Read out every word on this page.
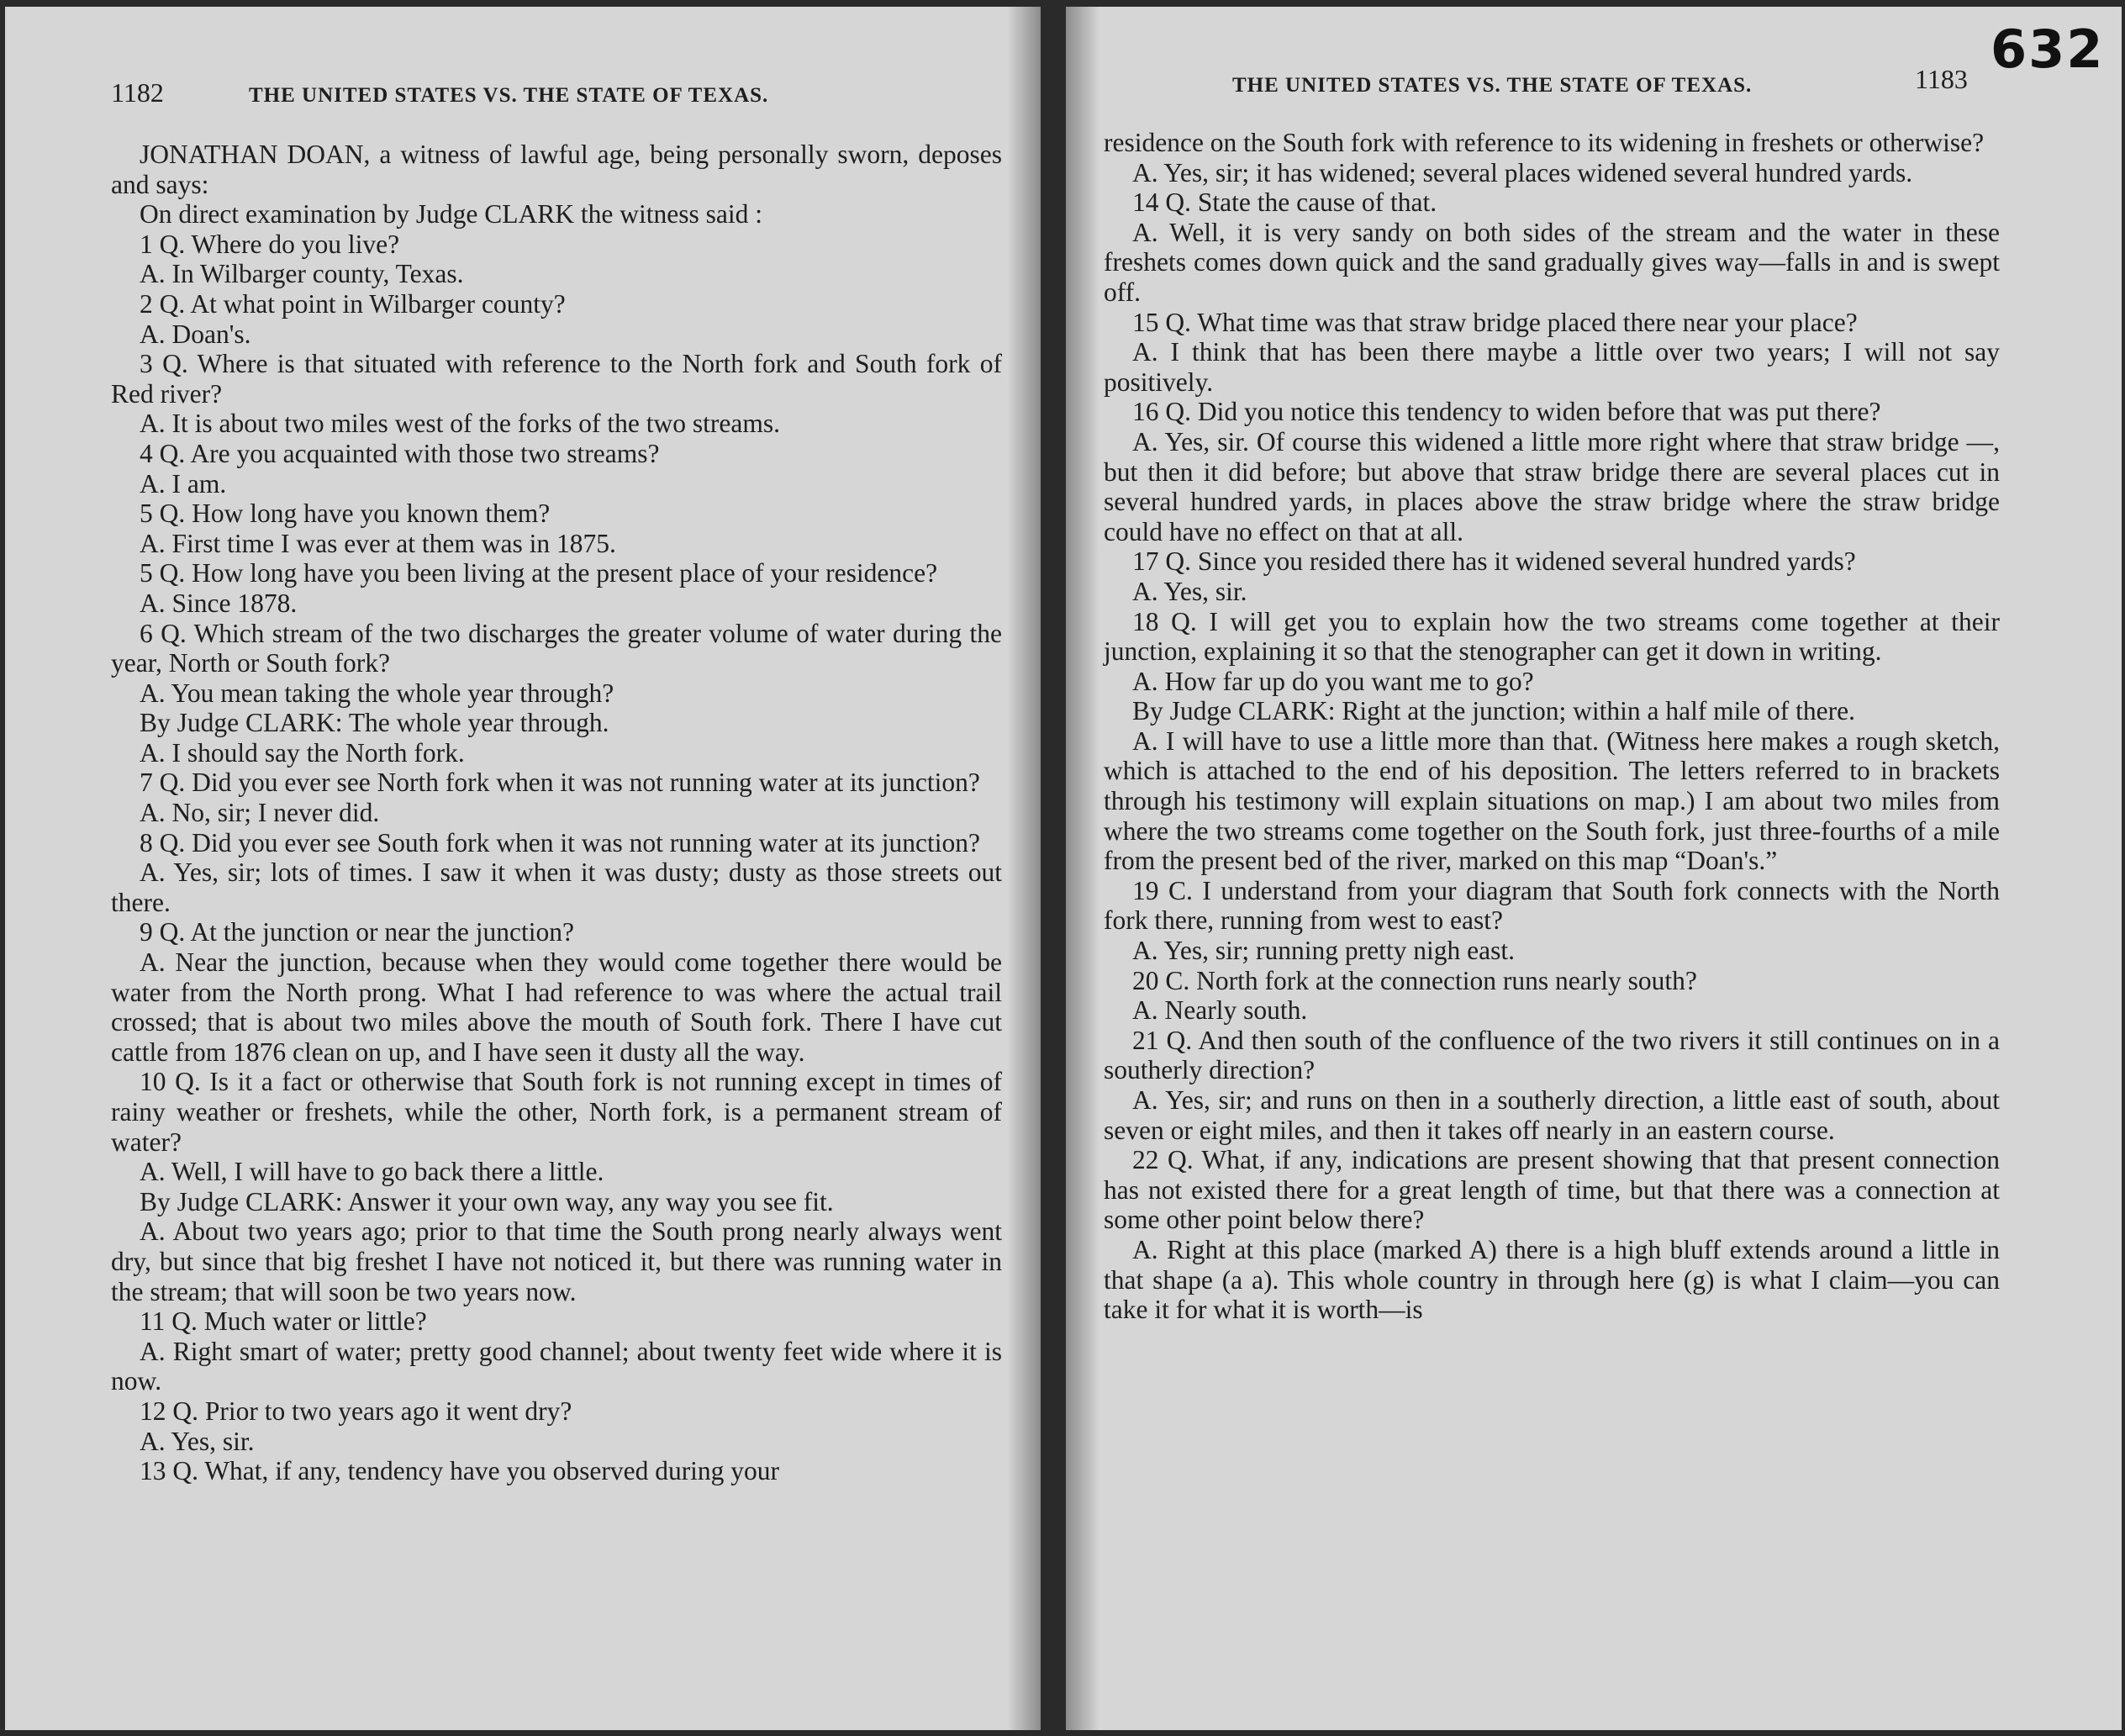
1182	THE UNITED STATES VS. THE STATE OF TEXAS.

JONATHAN DOAN, a witness of lawful age, being personally sworn, deposes and says:

On direct examination by Judge CLARK the witness said :

1 Q. Where do you live?

A. In Wilbarger county, Texas.

2 Q. At what point in Wilbarger county?

A. Doan's.

3 Q. Where is that situated with reference to the North fork and South fork of Red river?

A. It is about two miles west of the forks of the two streams.

4 Q. Are you acquainted with those two streams?

A. I am.

5 Q. How long have you known them?

A. First time I was ever at them was in 1875.

5 Q. How long have you been living at the present place of your residence?

A. Since 1878.

6 Q. Which stream of the two discharges the greater volume of water during the year, North or South fork?

A. You mean taking the whole year through?

By Judge CLARK: The whole year through.

A. I should say the North fork.

7 Q. Did you ever see North fork when it was not running water at its junction?

A. No, sir; I never did.

8 Q. Did you ever see South fork when it was not running water at its junction?

A. Yes, sir; lots of times. I saw it when it was dusty; dusty as those streets out there.

9 Q. At the junction or near the junction?

A. Near the junction, because when they would come together there would be water from the North prong. What I had reference to was where the actual trail crossed; that is about two miles above the mouth of South fork. There I have cut cattle from 1876 clean on up, and I have seen it dusty all the way.

10 Q. Is it a fact or otherwise that South fork is not running except in times of rainy weather or freshets, while the other, North fork, is a permanent stream of water?

A. Well, I will have to go back there a little.

By Judge CLARK: Answer it your own way, any way you see fit.

A. About two years ago; prior to that time the South prong nearly always went dry, but since that big freshet I have not noticed it, but there was running water in the stream; that will soon be two years now.

11 Q. Much water or little?

A. Right smart of water; pretty good channel; about twenty feet wide where it is now.

12 Q. Prior to two years ago it went dry?

A. Yes, sir.

13 Q. What, if any, tendency have you observed during your

632
THE UNITED STATES VS. THE STATE OF TEXAS.	1183

residence on the South fork with reference to its widening in freshets or otherwise?

A. Yes, sir; it has widened; several places widened several hundred yards.

14 Q. State the cause of that.

A. Well, it is very sandy on both sides of the stream and the water in these freshets comes down quick and the sand gradually gives way—falls in and is swept off.

15 Q. What time was that straw bridge placed there near your place?

A. I think that has been there maybe a little over two years; I will not say positively.

16 Q. Did you notice this tendency to widen before that was put there?

A. Yes, sir. Of course this widened a little more right where that straw bridge —, but then it did before; but above that straw bridge there are several places cut in several hundred yards, in places above the straw bridge where the straw bridge could have no effect on that at all.

17 Q. Since you resided there has it widened several hundred yards?

A. Yes, sir.

18 Q. I will get you to explain how the two streams come together at their junction, explaining it so that the stenographer can get it down in writing.

A. How far up do you want me to go?

By Judge CLARK: Right at the junction; within a half mile of there.

A. I will have to use a little more than that. (Witness here makes a rough sketch, which is attached to the end of his deposition. The letters referred to in brackets through his testimony will explain situations on map.) I am about two miles from where the two streams come together on the South fork, just three-fourths of a mile from the present bed of the river, marked on this map “Doan's.”

19 C. I understand from your diagram that South fork connects with the North fork there, running from west to east?

A. Yes, sir; running pretty nigh east.

20 C. North fork at the connection runs nearly south?

A. Nearly south.

21 Q. And then south of the confluence of the two rivers it still continues on in a southerly direction?

A. Yes, sir; and runs on then in a southerly direction, a little east of south, about seven or eight miles, and then it takes off nearly in an eastern course.

22 Q. What, if any, indications are present showing that that present connection has not existed there for a great length of time, but that there was a connection at some other point below there?

A. Right at this place (marked A) there is a high bluff extends around a little in that shape (a a). This whole country in through here (g) is what I claim—you can take it for what it is worth—is
